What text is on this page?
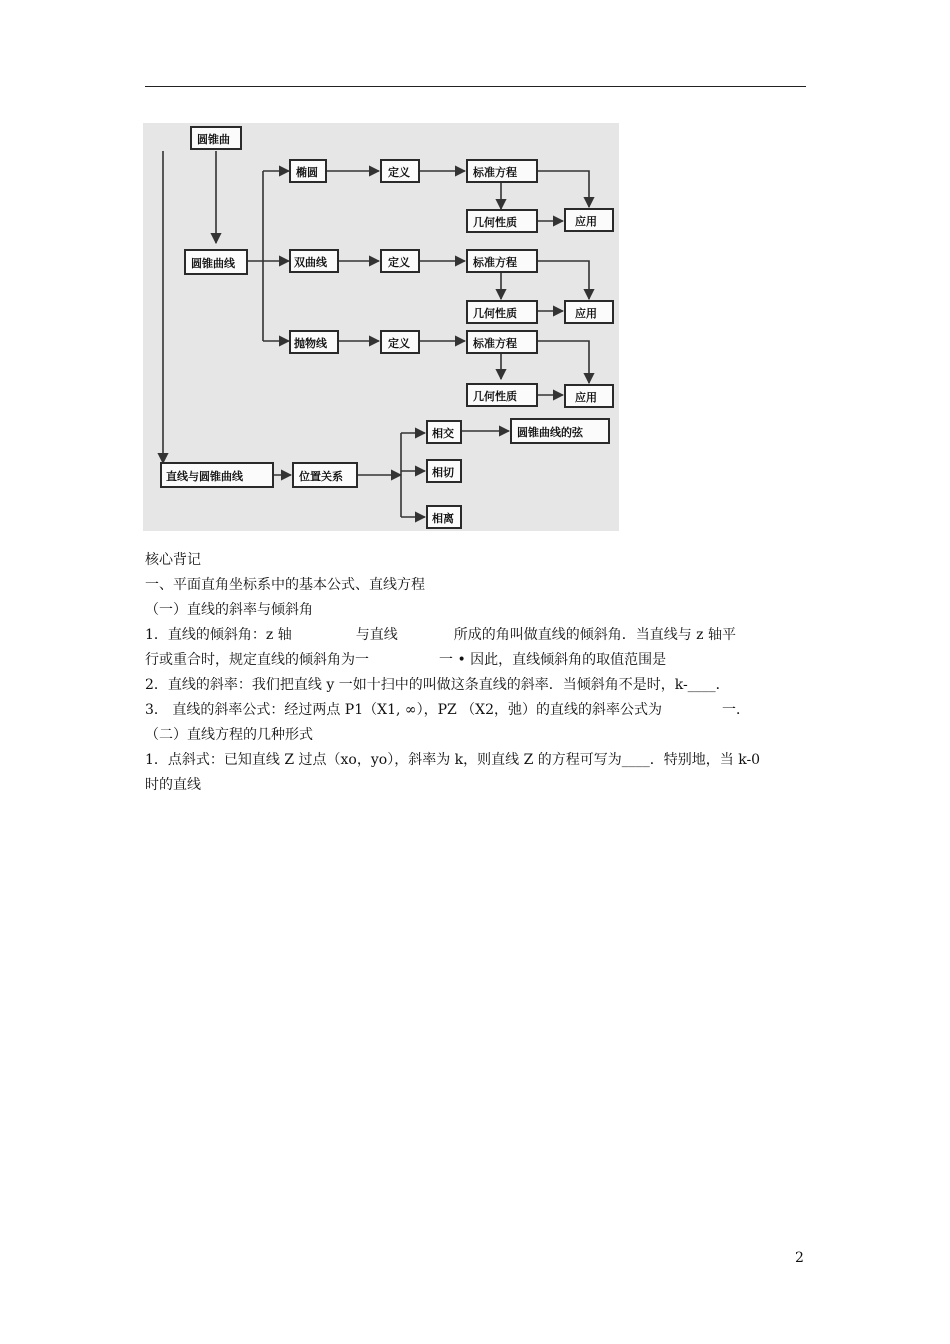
圆锥曲
圆锥曲线
椭圆
双曲线
抛物线
定义
定义
定义
标准方程
标准方程
标准方程
几何性质
几何性质
几何性质
应用
应用
应用
直线与圆锥曲线	位置关系
相交
相切
相离
圆锥曲线的弦

核心背记

一、平面直角坐标系中的基本公式、直线方程

（一）直线的斜率与倾斜角

1．直线的倾斜角：z 轴	与直线	所成的角叫做直线的倾斜角．当直线与 z 轴平

行或重合时，规定直线的倾斜角为一	一 • 因此，直线倾斜角的取值范围是

2．直线的斜率：我们把直线 y 一如十扫中的叫做这条直线的斜率．当倾斜角不是时，k-____．

3． 直线的斜率公式：经过两点 P1（X1, ∞），PZ （X2，弛）的直线的斜率公式为	一．

（二）直线方程的几种形式

1．点斜式：已知直线 Z 过点（xo，yo），斜率为 k，则直线 Z 的方程可写为____．特别地，当 k-0

时的直线

2
